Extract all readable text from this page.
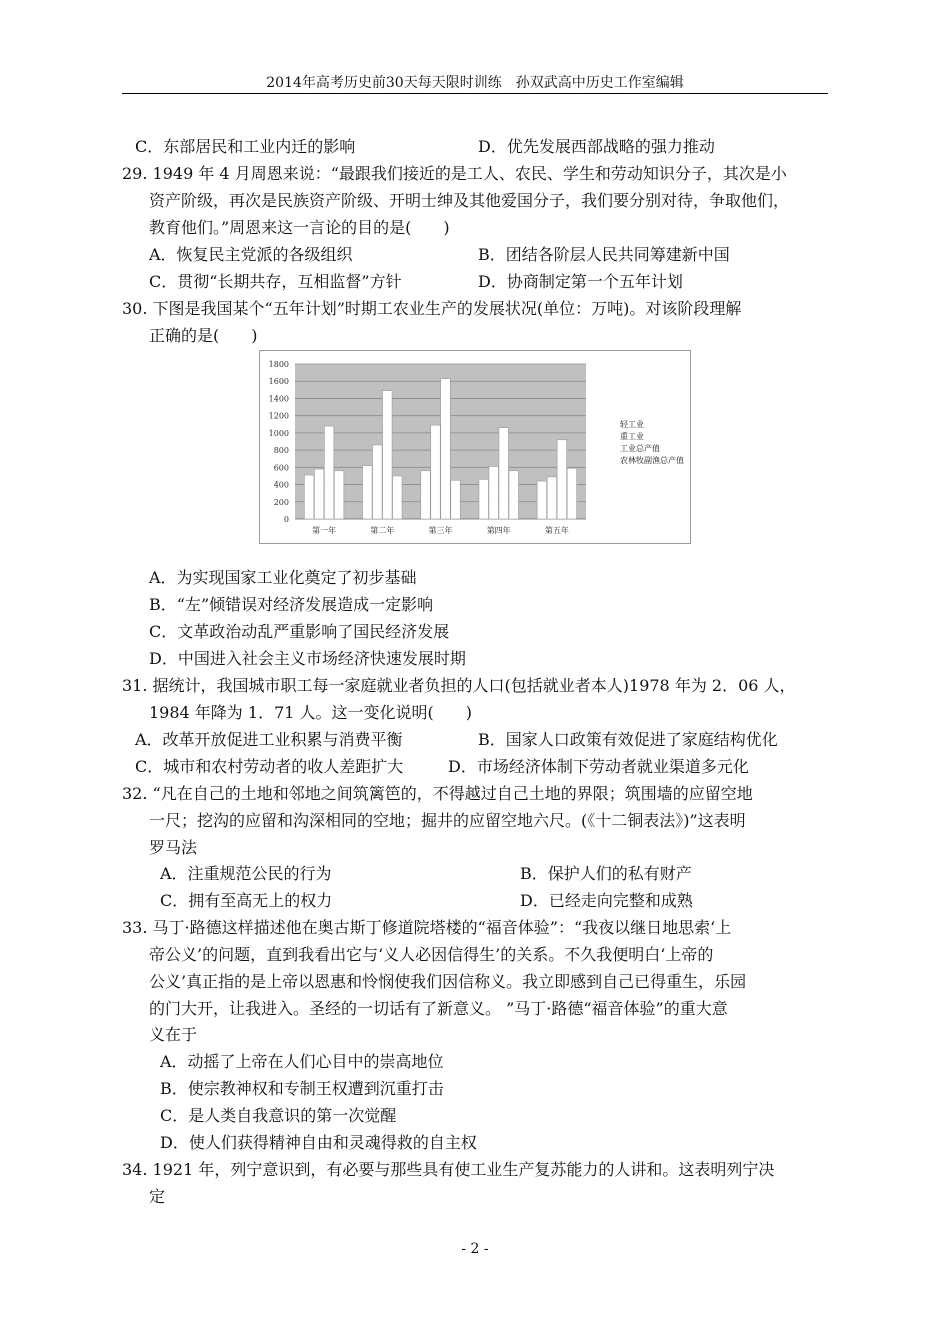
2014年高考历史前30天每天限时训练　孙双武高中历史工作室编辑
C．东部居民和工业内迁的影响	D．优先发展西部战略的强力推动
29. 1949 年 4 月周恩来说：“最跟我们接近的是工人、农民、学生和劳动知识分子，其次是小
资产阶级，再次是民族资产阶级、开明士绅及其他爱国分子，我们要分别对待，争取他们，
教育他们。”周恩来这一言论的目的是(　　)
A．恢复民主党派的各级组织	B．团结各阶层人民共同筹建新中国
C．贯彻“长期共存，互相监督”方针	D．协商制定第一个五年计划
30. 下图是我国某个“五年计划”时期工农业生产的发展状况(单位：万吨)。对该阶段理解
正确的是(　　)
0
200
400
600
800
1000
1200
1400
1600
1800
第一年	第二年	第三年	第四年	第五年
轻工业
重工业
工业总产值
农林牧副渔总产值
A．为实现国家工业化奠定了初步基础
B．“左”倾错误对经济发展造成一定影响
C．文革政治动乱严重影响了国民经济发展
D．中国进入社会主义市场经济快速发展时期
31. 据统计，我国城市职工每一家庭就业者负担的人口(包括就业者本人)1978 年为 2．06 人，
1984 年降为 1．71 人。这一变化说明(　　)
A．改革开放促进工业积累与消费平衡	B．国家人口政策有效促进了家庭结构优化
C．城市和农村劳动者的收人差距扩大	D．市场经济体制下劳动者就业渠道多元化
32. “凡在自己的土地和邻地之间筑篱笆的，不得越过自己土地的界限；筑围墙的应留空地
一尺；挖沟的应留和沟深相同的空地；掘井的应留空地六尺。(《十二铜表法》)”这表明
罗马法
A．注重规范公民的行为	B．保护人们的私有财产
C．拥有至高无上的权力	D．已经走向完整和成熟
33. 马丁·路德这样描述他在奥古斯丁修道院塔楼的“福音体验”：“我夜以继日地思索‘上
帝公义’的问题，直到我看出它与‘义人必因信得生’的关系。不久我便明白‘上帝的
公义’真正指的是上帝以恩惠和怜悯使我们因信称义。我立即感到自己已得重生，乐园
的门大开，让我进入。圣经的一切话有了新意义。 ”马丁·路德“福音体验”的重大意
义在于
A．动摇了上帝在人们心目中的崇高地位
B．使宗教神权和专制王权遭到沉重打击
C．是人类自我意识的第一次觉醒
D．使人们获得精神自由和灵魂得救的自主权
34. 1921 年，列宁意识到，有必要与那些具有使工业生产复苏能力的人讲和。这表明列宁决
定
- 2 -
